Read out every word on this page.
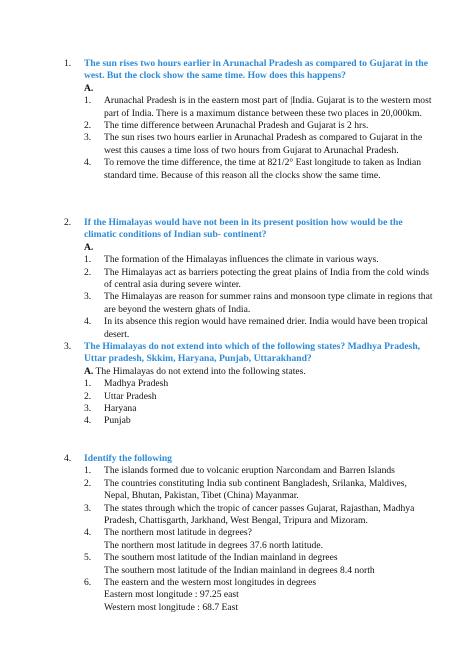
1. The sun rises two hours earlier in Arunachal Pradesh as compared to Gujarat in the west. But the clock show the same time. How does this happens?
A.
1. Arunachal Pradesh is in the eastern most part of |India. Gujarat is to the western most part of India. There is a maximum distance between these two places in 20,000km.
2. The time difference between Arunachal Pradesh and Gujarat is 2 hrs.
3. The sun rises two hours earlier in Arunachal Pradesh as compared to Gujarat in the west this causes a time loss of two hours from Gujarat to Arunachal Pradesh.
4. To remove the time difference, the time at 821/2° East longitude to taken as Indian standard time. Because of this reason all the clocks show the same time.
2. If the Himalayas would have not been in its present position how would be the climatic conditions of Indian sub- continent?
A.
1. The formation of the Himalayas influences the climate in various ways.
2. The Himalayas act as barriers potecting the great plains of India from the cold winds of central asia during severe winter.
3. The Himalayas are reason for summer rains and monsoon type climate in regions that are beyond the western ghats of India.
4. In its absence this region would have remained drier. India would have been tropical desert.
3. The Himalayas do not extend into which of the following states? Madhya Pradesh, Uttar pradesh, Skkim, Haryana, Punjab, Uttarakhand?
A. The Himalayas do not extend into the following states.
1. Madhya Pradesh
2. Uttar Pradesh
3. Haryana
4. Punjab
4. Identify the following
1. The islands formed due to volcanic eruption Narcondam and Barren Islands
2. The countries constituting India sub continent Bangladesh, Srilanka, Maldives, Nepal, Bhutan, Pakistan, Tibet (China) Mayanmar.
3. The states through which the tropic of cancer passes Gujarat, Rajasthan, Madhya Pradesh, Chattisgarth, Jarkhand, West Bengal, Tripura and Mizoram.
4. The northern most latitude in degrees?
The northern most latitude in degrees 37.6 north latitude.
5. The southern most latitude of the Indian mainland in degrees
The southern most latitude of the Indian mainland in degrees 8.4 north
6. The eastern and the western most longitudes in degrees
Eastern most longitude : 97.25 east
Western most longitude : 68.7 East
